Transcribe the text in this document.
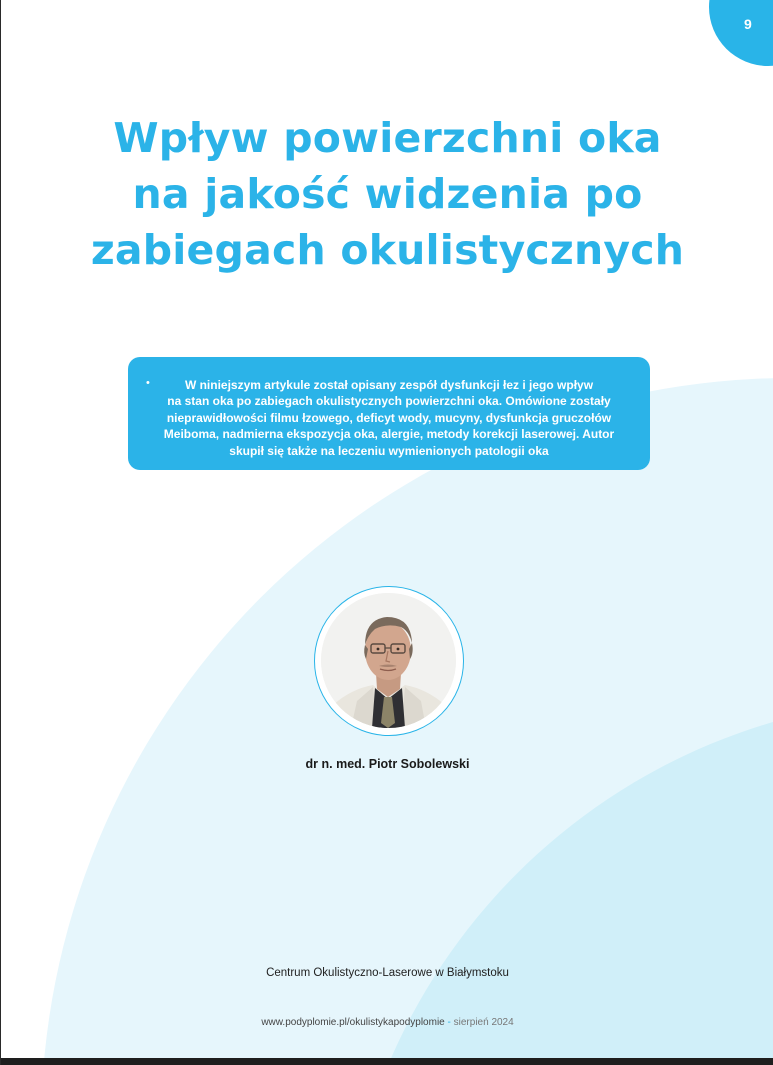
9
Wpływ powierzchni oka
na jakość widzenia po
zabiegach okulistycznych
•	W niniejszym artykule został opisany zespół dysfunkcji łez i jego wpływ
na stan oka po zabiegach okulistycznych powierzchni oka. Omówione zostały
nieprawidłowości filmu łzowego, deficyt wody, mucyny, dysfunkcja gruczołów
Meiboma, nadmierna ekspozycja oka, alergie, metody korekcji laserowej. Autor
skupił się także na leczeniu wymienionych patologii oka

dr n. med. Piotr Sobolewski
Centrum Okulistyczno-Laserowe w Białymstoku
www.podyplomie.pl/okulistykapodyplomie - sierpień 2024
